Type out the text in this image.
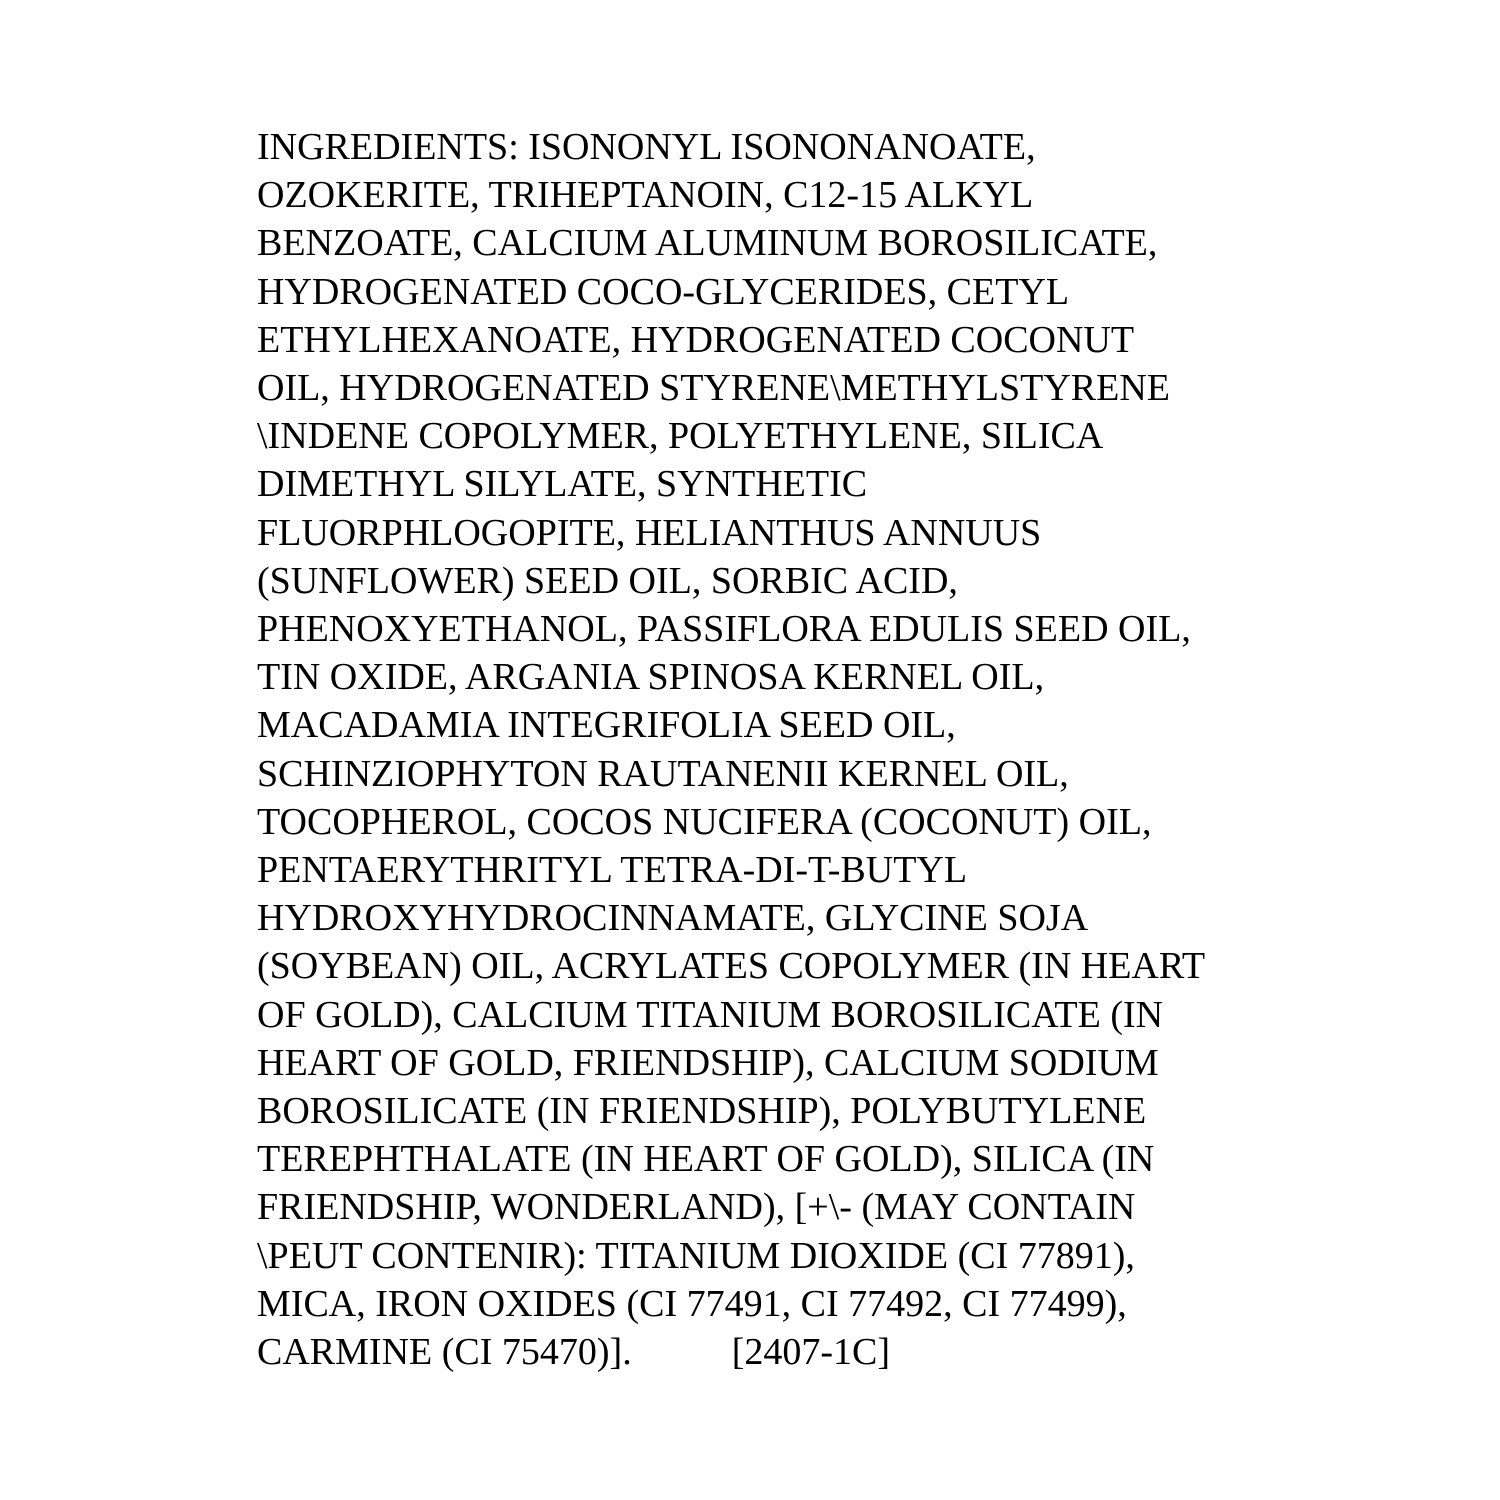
INGREDIENTS: ISONONYL ISONONANOATE,
OZOKERITE, TRIHEPTANOIN, C12-15 ALKYL
BENZOATE, CALCIUM ALUMINUM BOROSILICATE,
HYDROGENATED COCO-GLYCERIDES, CETYL
ETHYLHEXANOATE, HYDROGENATED COCONUT
OIL, HYDROGENATED STYRENE\METHYLSTYRENE
\INDENE COPOLYMER, POLYETHYLENE, SILICA
DIMETHYL SILYLATE, SYNTHETIC
FLUORPHLOGOPITE, HELIANTHUS ANNUUS
(SUNFLOWER) SEED OIL, SORBIC ACID,
PHENOXYETHANOL, PASSIFLORA EDULIS SEED OIL,
TIN OXIDE, ARGANIA SPINOSA KERNEL OIL,
MACADAMIA INTEGRIFOLIA SEED OIL,
SCHINZIOPHYTON RAUTANENII KERNEL OIL,
TOCOPHEROL, COCOS NUCIFERA (COCONUT) OIL,
PENTAERYTHRITYL TETRA-DI-T-BUTYL
HYDROXYHYDROCINNAMATE, GLYCINE SOJA
(SOYBEAN) OIL, ACRYLATES COPOLYMER (IN HEART
OF GOLD), CALCIUM TITANIUM BOROSILICATE (IN
HEART OF GOLD, FRIENDSHIP), CALCIUM SODIUM
BOROSILICATE (IN FRIENDSHIP), POLYBUTYLENE
TEREPHTHALATE (IN HEART OF GOLD), SILICA (IN
FRIENDSHIP, WONDERLAND), [+\- (MAY CONTAIN
\PEUT CONTENIR): TITANIUM DIOXIDE (CI 77891),
MICA, IRON OXIDES (CI 77491, CI 77492, CI 77499),
CARMINE (CI 75470)].	[2407-1C]
